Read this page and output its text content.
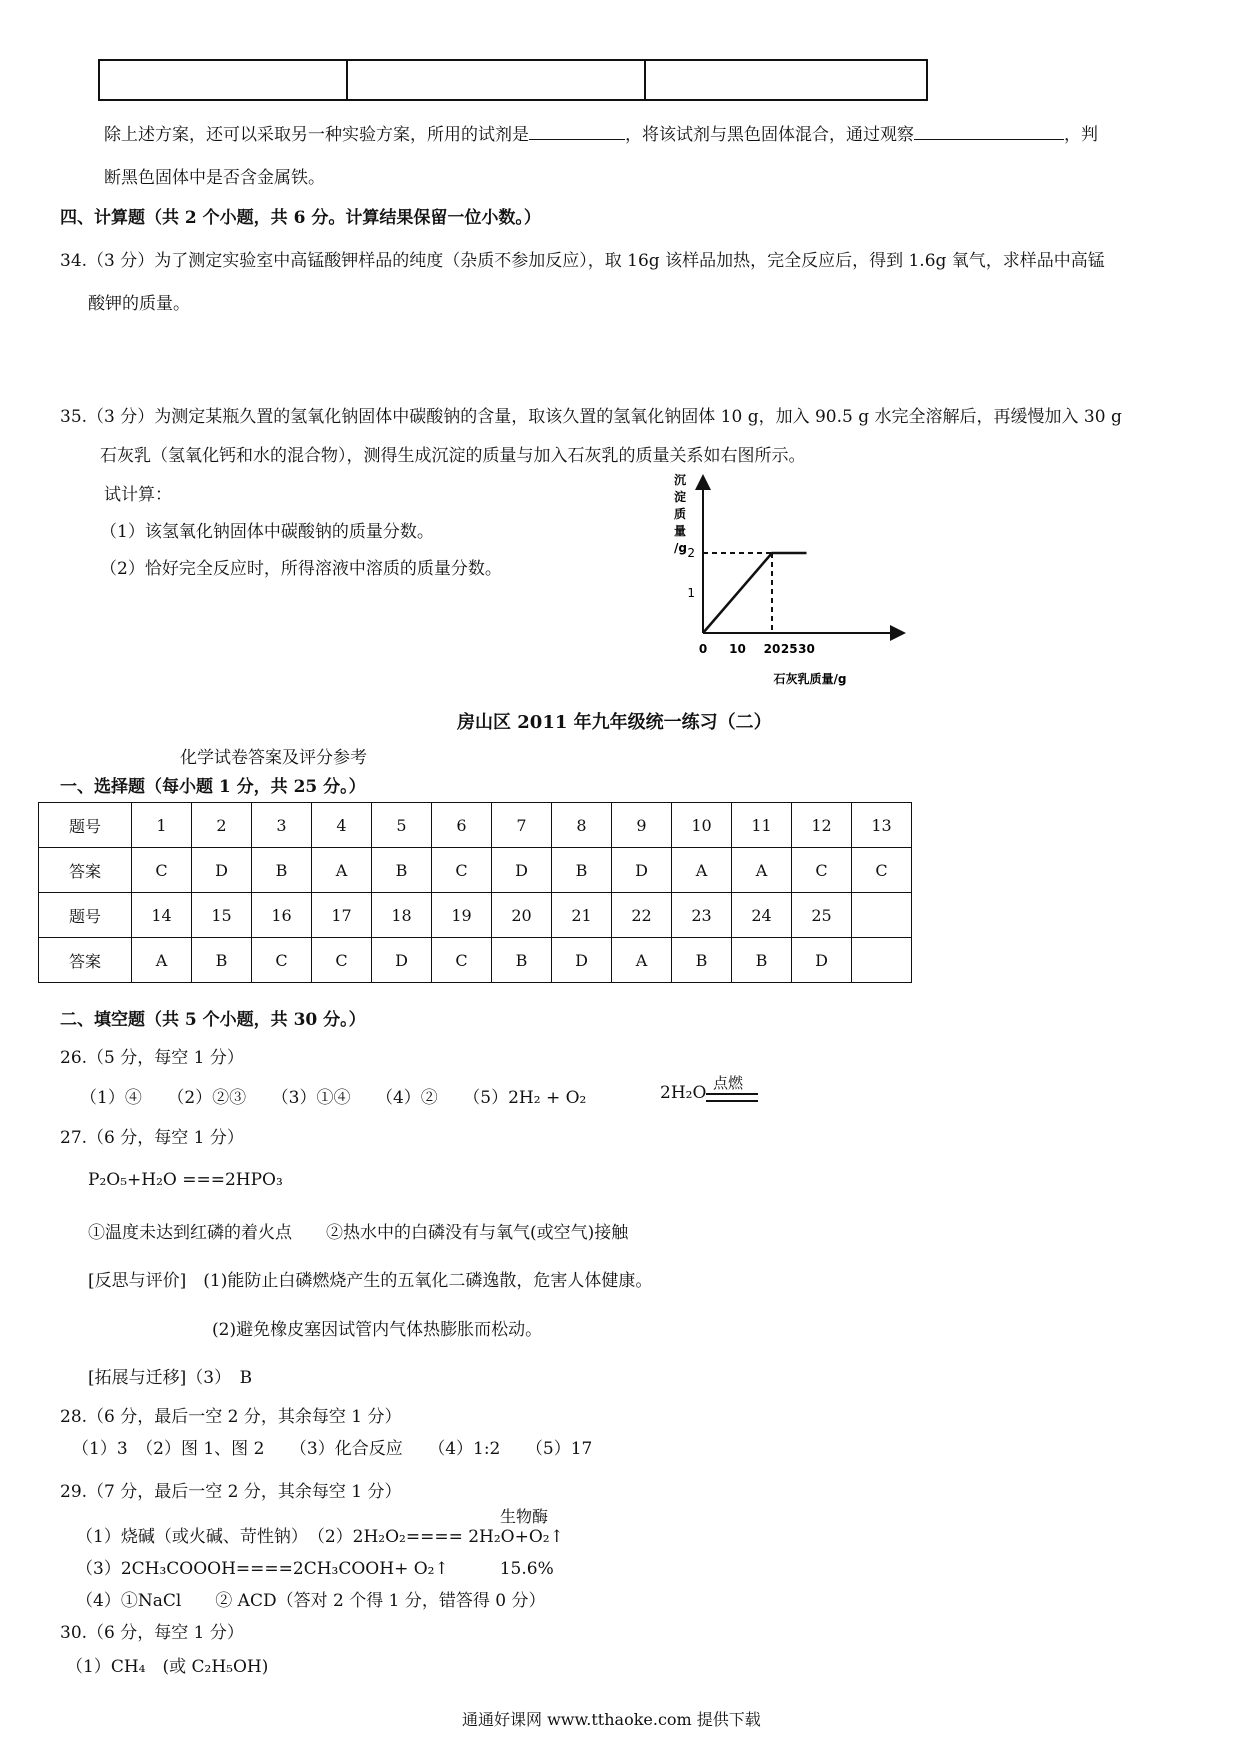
除上述方案，还可以采取另一种实验方案，所用的试剂是	，将该试剂与黑色固体混合，通过观察	，判
断黑色固体中是否含金属铁。
四、计算题（共 2 个小题，共 6 分。计算结果保留一位小数。）
34.（3 分）为了测定实验室中高锰酸钾样品的纯度（杂质不参加反应），取 16g 该样品加热，完全反应后，得到 1.6g 氧气，求样品中高锰
酸钾的质量。
35.（3 分）为测定某瓶久置的氢氧化钠固体中碳酸钠的含量，取该久置的氢氧化钠固体 10 g，加入 90.5 g 水完全溶解后，再缓慢加入 30 g
石灰乳（氢氧化钙和水的混合物），测得生成沉淀的质量与加入石灰乳的质量关系如右图所示。
试计算：
（1）该氢氧化钠固体中碳酸钠的质量分数。
（2）恰好完全反应时，所得溶液中溶质的质量分数。
沉
淀
质
量
/g
0 10 20 25 30
1
2
石灰乳质量/g
房山区 2011 年九年级统一练习（二）
化学试卷答案及评分参考
一、选择题（每小题 1 分，共 25 分。）
题号	1	2	3	4	5	6	7	8	9	10	11	12	13
答案	C	D	B	A	B	C	D	B	D	A	A	C	C
题号	14	15	16	17	18	19	20	21	22	23	24	25	
答案	A	B	C	C	D	C	B	D	A	B	B	D	
二、填空题（共 5 个小题，共 30 分。）
26.（5 分，每空 1 分）
（1）④　　（2）②③　　（3）①④　　（4）②　　（5）2H₂ + O₂	2H₂O 点燃
27.（6 分，每空 1 分）
P₂O₅+H₂O ===2HPO₃
①温度未达到红磷的着火点　　②热水中的白磷没有与氧气(或空气)接触
[反思与评价]　(1)能防止白磷燃烧产生的五氧化二磷逸散，危害人体健康。
(2)避免橡皮塞因试管内气体热膨胀而松动。
[拓展与迁移]（3）　B
28.（6 分，最后一空 2 分，其余每空 1 分）
（1）3　（2）图 1、图 2　　（3）化合反应　　（4）1:2　　（5）17
29.（7 分，最后一空 2 分，其余每空 1 分）
生物酶
（1）烧碱（或火碱、苛性钠）　（2）2H₂O₂==== 2H₂O+O₂↑
（3）2CH₃COOOH====2CH₃COOH+ O₂↑　　　15.6%
（4）①NaCl　　② ACD（答对 2 个得 1 分，错答得 0 分）
30.（6 分，每空 1 分）
（1）CH₄　(或 C₂H₅OH)
通通好课网 www.tthaoke.com 提供下载
